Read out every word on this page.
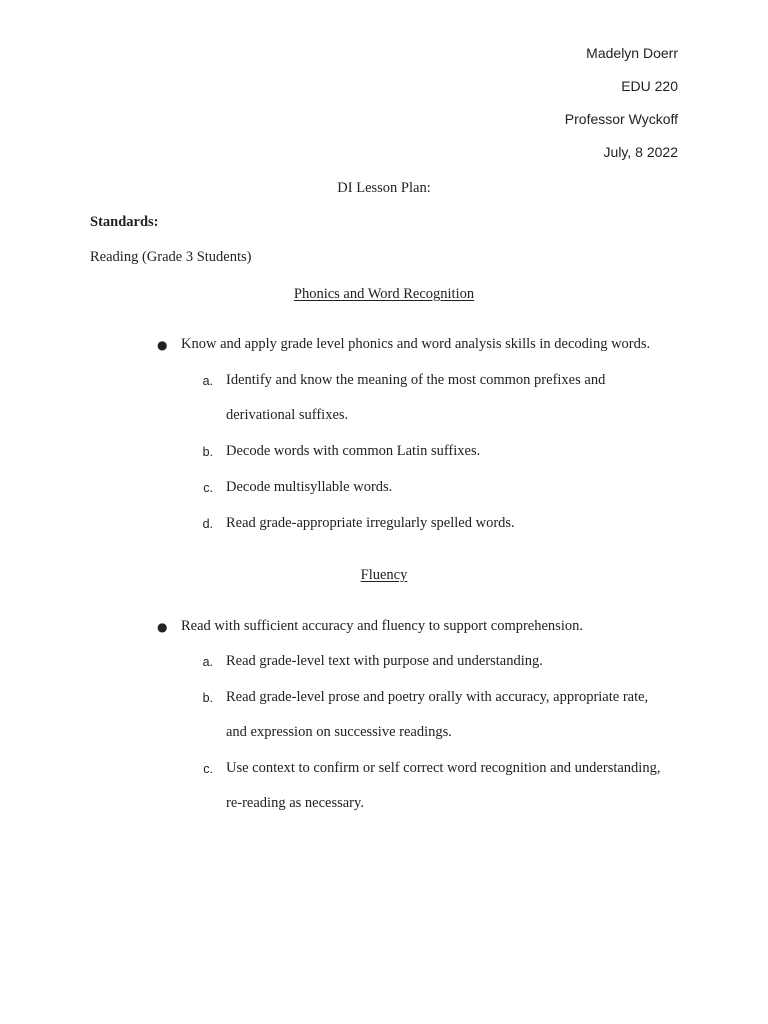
Madelyn Doerr
EDU 220
Professor Wyckoff
July, 8 2022
DI Lesson Plan:
Standards:
Reading (Grade 3 Students)
Phonics and Word Recognition
● Know and apply grade level phonics and word analysis skills in decoding words.
a. Identify and know the meaning of the most common prefixes and
derivational suffixes.
b. Decode words with common Latin suffixes.
c. Decode multisyllable words.
d. Read grade-appropriate irregularly spelled words.
Fluency
● Read with sufficient accuracy and fluency to support comprehension.
a. Read grade-level text with purpose and understanding.
b. Read grade-level prose and poetry orally with accuracy, appropriate rate,
and expression on successive readings.
c. Use context to confirm or self correct word recognition and understanding,
re-reading as necessary.
